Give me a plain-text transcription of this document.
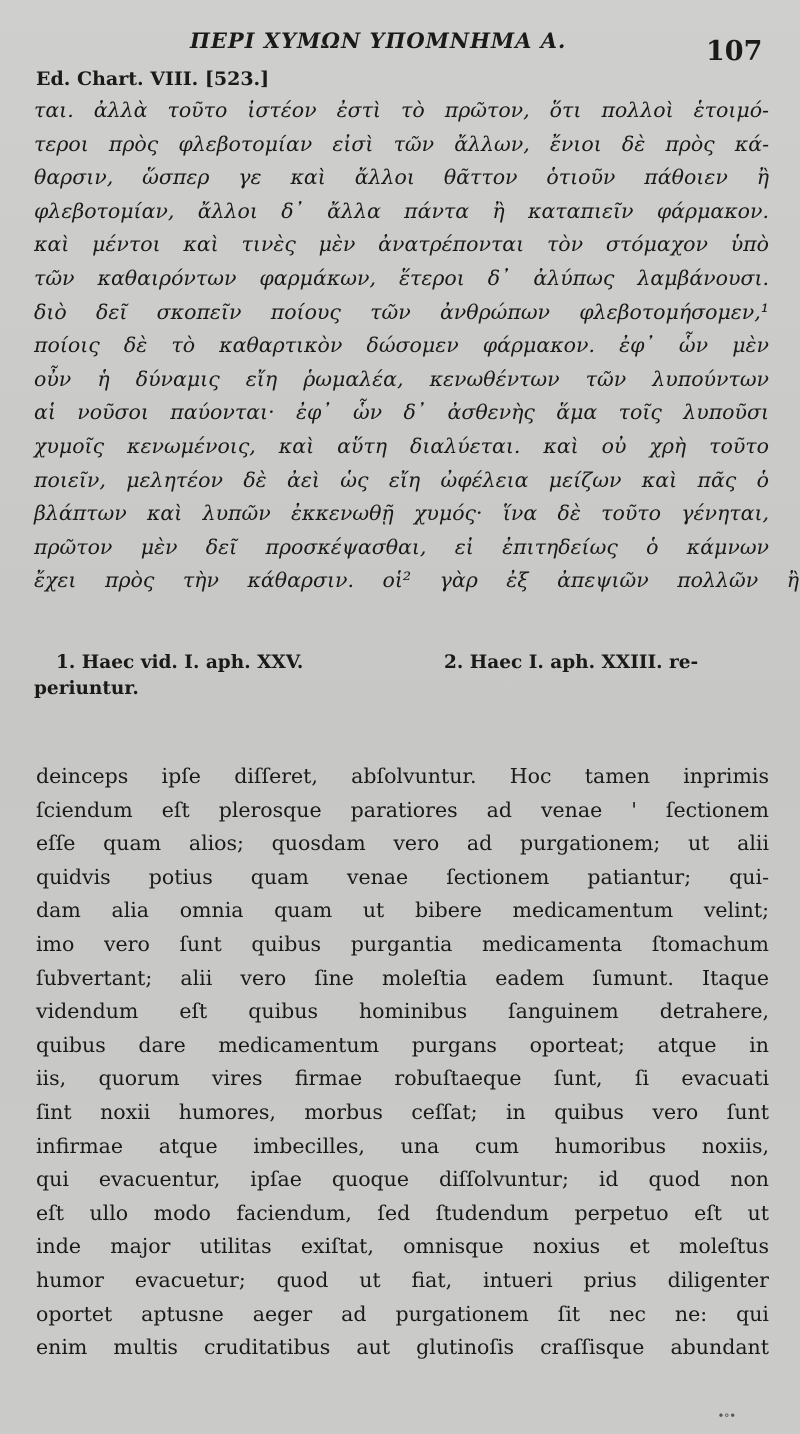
ΠΕΡΙ ΧΥΜΩΝ ΥΠΟΜΝΗΜΑ Α.	107
Ed. Chart. VIII. [523.]
ται. ἀλλὰ τοῦτο ἰστέον ἐστὶ τὸ πρῶτον, ὅτι πολλοὶ ἑτοιμό-
τεροι πρὸς φλεβοτομίαν εἰσὶ τῶν ἄλλων, ἔνιοι δὲ πρὸς κά-
θαρσιν, ὥσπερ γε καὶ ἄλλοι θᾶττον ὁτιοῦν πάθοιεν ἢ
φλεβοτομίαν, ἄλλοι δ᾽ ἄλλα πάντα ἢ καταπιεῖν φάρμακον.
καὶ μέντοι καὶ τινὲς μὲν ἀνατρέπονται τὸν στόμαχον ὑπὸ
τῶν καθαιρόντων φαρμάκων, ἕτεροι δ᾽ ἀλύπως λαμβάνουσι.
διὸ δεῖ σκοπεῖν ποίους τῶν ἀνθρώπων φλεβοτομήσομεν,¹
ποίοις δὲ τὸ καθαρτικὸν δώσομεν φάρμακον. ἐφ᾽ ὧν μὲν
οὖν ἡ δύναμις εἴη ῥωμαλέα, κενωθέντων τῶν λυπούντων
αἱ νοῦσοι παύονται· ἐφ᾽ ὧν δ᾽ ἀσθενὴς ἅμα τοῖς λυποῦσι
χυμοῖς κενωμένοις, καὶ αὕτη διαλύεται. καὶ οὐ χρὴ τοῦτο
ποιεῖν, μελητέον δὲ ἀεὶ ὡς εἴη ὠφέλεια μείζων καὶ πᾶς ὁ
βλάπτων καὶ λυπῶν ἐκκενωθῇ χυμός· ἵνα δὲ τοῦτο γένηται,
πρῶτον μὲν δεῖ προσκέψασθαι, εἰ ἐπιτηδείως ὁ κάμνων
ἔχει πρὸς τὴν κάθαρσιν. οἱ² γὰρ ἐξ ἀπεψιῶν πολλῶν ἢ
1. Haec vid. I. aph. XXV.	2. Haec I. aph. XXIII. re-
periuntur.
deinceps ipſe diſſeret, abſolvuntur. Hoc tamen inprimis
ſciendum eſt plerosque paratiores ad venae ' ſectionem
eſſe quam alios; quosdam vero ad purgationem; ut alii
quidvis potius quam venae ſectionem patiantur; qui-
dam alia omnia quam ut bibere medicamentum velint;
imo vero ſunt quibus purgantia medicamenta ſtomachum
ſubvertant; alii vero ſine moleſtia eadem ſumunt. Itaque
videndum eſt quibus hominibus ſanguinem detrahere,
quibus dare medicamentum purgans oporteat; atque in
iis, quorum vires firmae robuſtaeque ſunt, ſi evacuati
ſint noxii humores, morbus ceſſat; in quibus vero ſunt
infirmae atque imbecilles, una cum humoribus noxiis,
qui evacuentur, ipſae quoque diſſolvuntur; id quod non
eſt ullo modo faciendum, ſed ſtudendum perpetuo eſt ut
inde major utilitas exiſtat, omnisque noxius et moleſtus
humor evacuetur; quod ut fiat, intueri prius diligenter
oportet aptusne aeger ad purgationem ſit nec ne: qui
enim multis cruditatibus aut glutinoſis craſſisque abundant
∙∘∙
